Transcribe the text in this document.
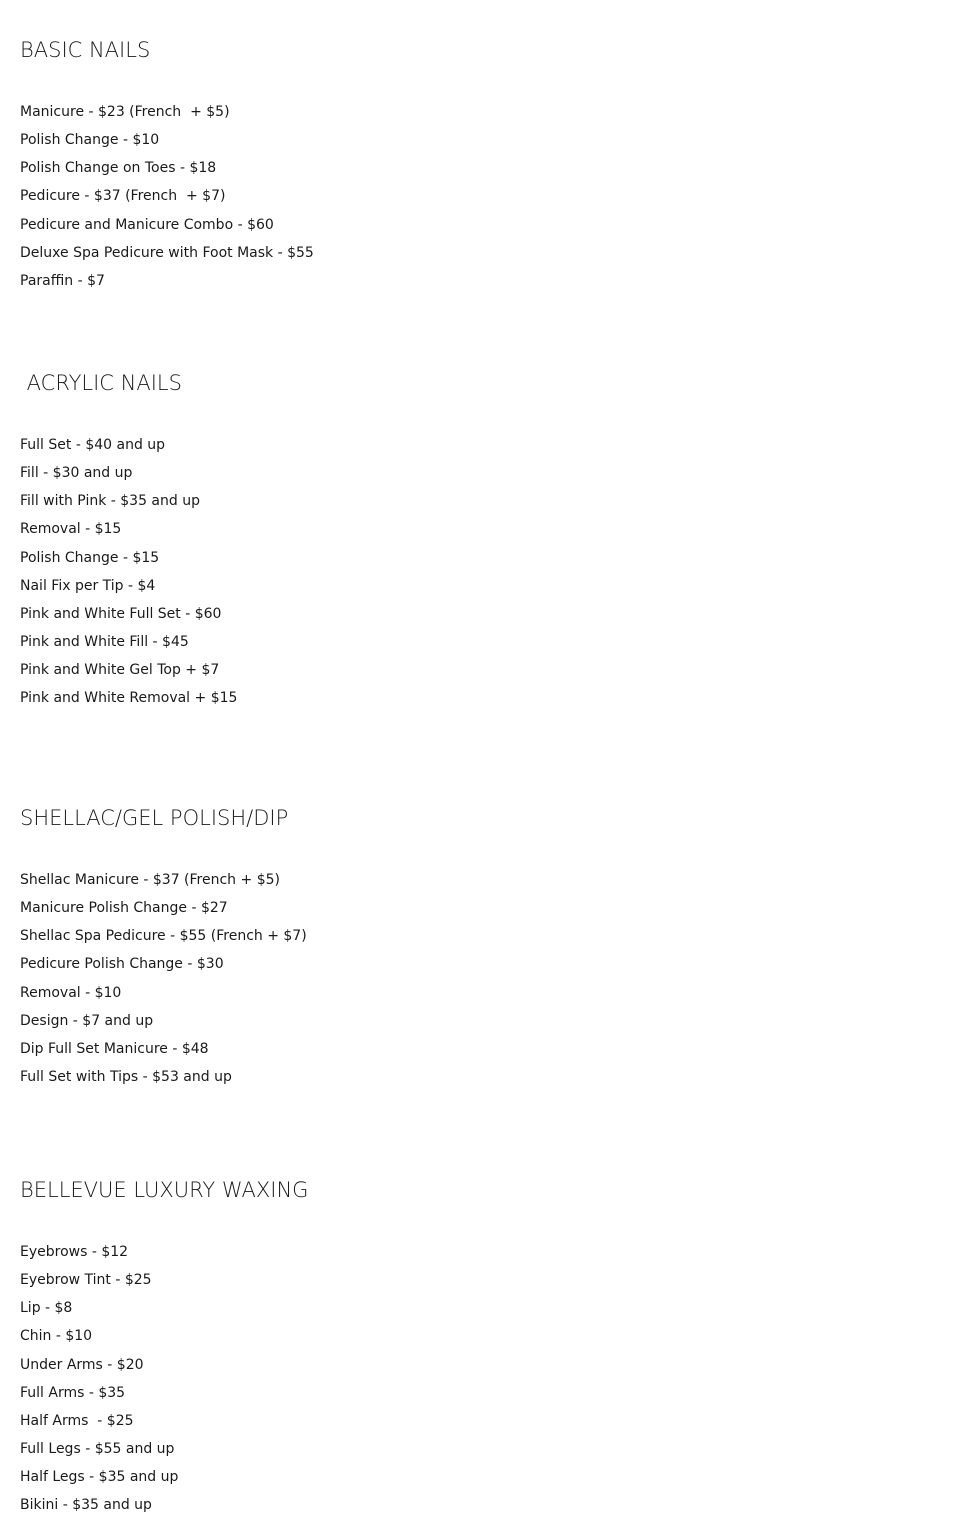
BASIC NAILS
Manicure - $23 (French  + $5)
Polish Change - $10
Polish Change on Toes - $18
Pedicure - $37 (French  + $7)
Pedicure and Manicure Combo - $60
Deluxe Spa Pedicure with Foot Mask - $55
Paraffin - $7
ACRYLIC NAILS
Full Set - $40 and up
Fill - $30 and up
Fill with Pink - $35 and up
Removal - $15
Polish Change - $15
Nail Fix per Tip - $4
Pink and White Full Set - $60
Pink and White Fill - $45
Pink and White Gel Top + $7
Pink and White Removal + $15
SHELLAC/GEL POLISH/DIP
Shellac Manicure - $37 (French + $5)
Manicure Polish Change - $27
Shellac Spa Pedicure - $55 (French + $7)
Pedicure Polish Change - $30
Removal - $10
Design - $7 and up
Dip Full Set Manicure - $48
Full Set with Tips - $53 and up
BELLEVUE LUXURY WAXING
Eyebrows - $12
Eyebrow Tint - $25
Lip - $8
Chin - $10
Under Arms - $20
Full Arms - $35
Half Arms  - $25
Full Legs - $55 and up
Half Legs - $35 and up
Bikini - $35 and up
